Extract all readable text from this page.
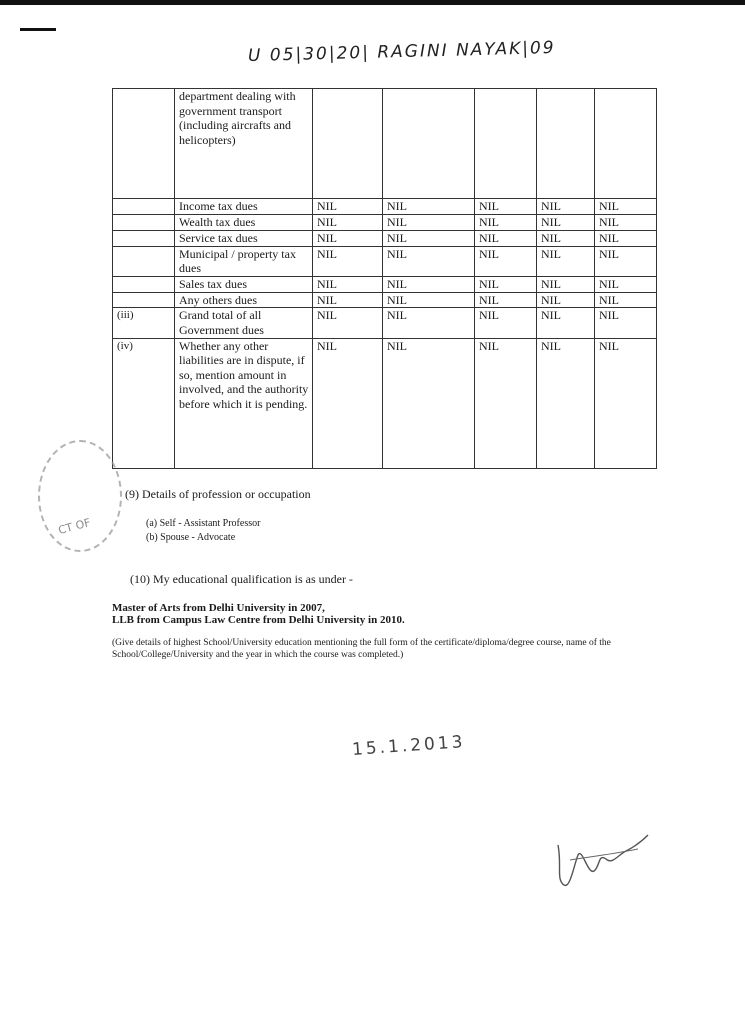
U 05|30|20| RAGINI NAYAK|09
	department dealing with government transport (including aircrafts and helicopters)					
	Income tax dues	NIL	NIL	NIL	NIL	NIL
	Wealth tax dues	NIL	NIL	NIL	NIL	NIL
	Service tax dues	NIL	NIL	NIL	NIL	NIL
	Municipal / property tax dues	NIL	NIL	NIL	NIL	NIL
	Sales tax dues	NIL	NIL	NIL	NIL	NIL
	Any others dues	NIL	NIL	NIL	NIL	NIL
(iii)	Grand total of all Government dues	NIL	NIL	NIL	NIL	NIL
(iv)	Whether any other liabilities are in dispute, if so, mention amount in involved, and the authority before which it is pending.	NIL	NIL	NIL	NIL	NIL
CT OF
(9) Details of profession or occupation
(a) Self - Assistant Professor
(b) Spouse - Advocate
(10) My educational qualification is as under -
Master of Arts from Delhi University in 2007,
LLB from Campus Law Centre from Delhi University in 2010.
(Give details of highest School/University education mentioning the full form of the certificate/diploma/degree course, name of the School/College/University and the year in which the course was completed.)
15.1.2013
